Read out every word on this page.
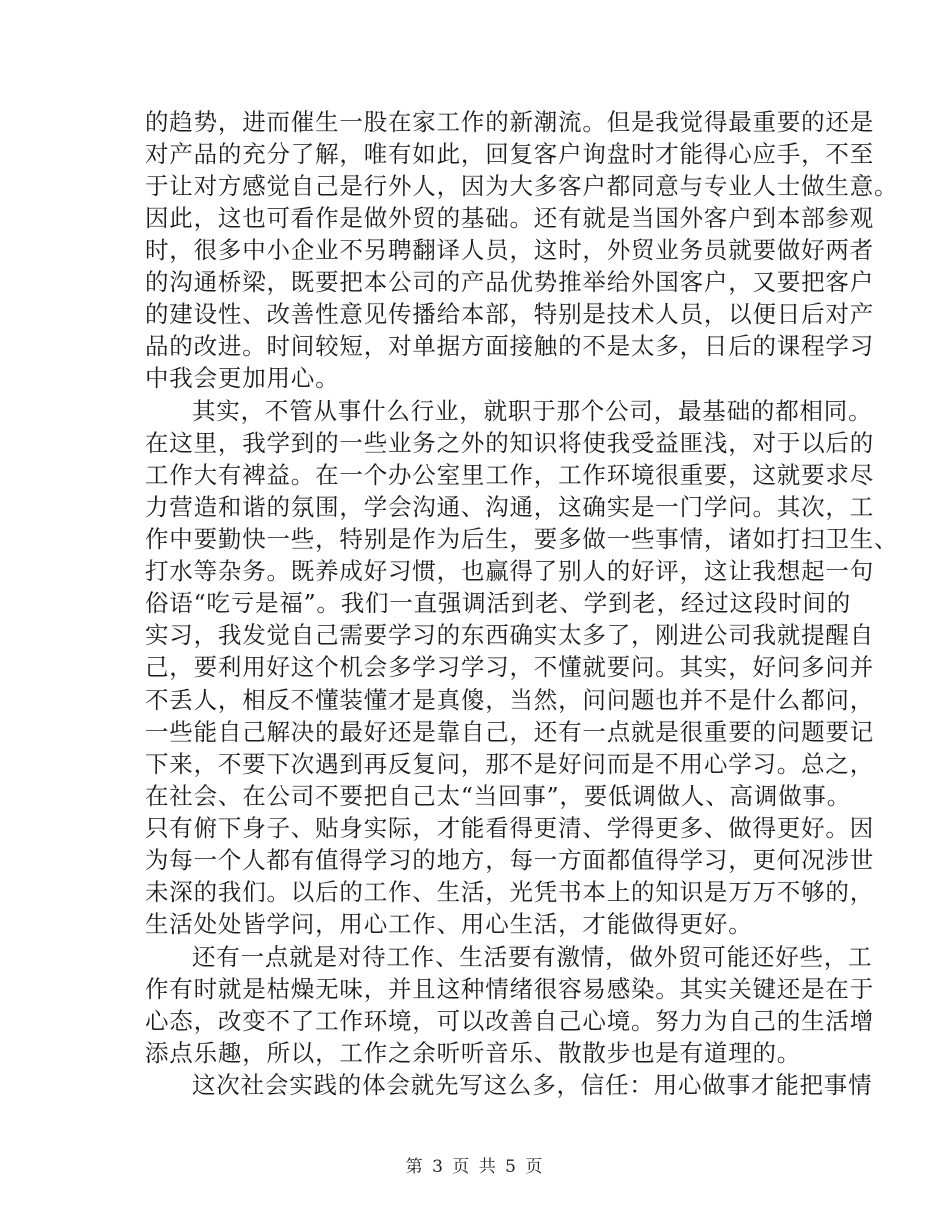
的趋势，进而催生一股在家工作的新潮流。但是我觉得最重要的还是
对产品的充分了解，唯有如此，回复客户询盘时才能得心应手，不至
于让对方感觉自己是行外人，因为大多客户都同意与专业人士做生意。
因此，这也可看作是做外贸的基础。还有就是当国外客户到本部参观
时，很多中小企业不另聘翻译人员，这时，外贸业务员就要做好两者
的沟通桥梁，既要把本公司的产品优势推举给外国客户，又要把客户
的建设性、改善性意见传播给本部，特别是技术人员，以便日后对产
品的改进。时间较短，对单据方面接触的不是太多，日后的课程学习
中我会更加用心。
其实，不管从事什么行业，就职于那个公司，最基础的都相同。
在这里，我学到的一些业务之外的知识将使我受益匪浅，对于以后的
工作大有裨益。在一个办公室里工作，工作环境很重要，这就要求尽
力营造和谐的氛围，学会沟通、沟通，这确实是一门学问。其次，工
作中要勤快一些，特别是作为后生，要多做一些事情，诸如打扫卫生、
打水等杂务。既养成好习惯，也赢得了别人的好评，这让我想起一句
俗语“吃亏是福”。我们一直强调活到老、学到老，经过这段时间的
实习，我发觉自己需要学习的东西确实太多了，刚进公司我就提醒自
己，要利用好这个机会多学习学习，不懂就要问。其实，好问多问并
不丢人，相反不懂装懂才是真傻，当然，问问题也并不是什么都问，
一些能自己解决的最好还是靠自己，还有一点就是很重要的问题要记
下来，不要下次遇到再反复问，那不是好问而是不用心学习。总之，
在社会、在公司不要把自己太“当回事”，要低调做人、高调做事。
只有俯下身子、贴身实际，才能看得更清、学得更多、做得更好。因
为每一个人都有值得学习的地方，每一方面都值得学习，更何况涉世
未深的我们。以后的工作、生活，光凭书本上的知识是万万不够的，
生活处处皆学问，用心工作、用心生活，才能做得更好。
还有一点就是对待工作、生活要有激情，做外贸可能还好些，工
作有时就是枯燥无味，并且这种情绪很容易感染。其实关键还是在于
心态，改变不了工作环境，可以改善自己心境。努力为自己的生活增
添点乐趣，所以，工作之余听听音乐、散散步也是有道理的。
这次社会实践的体会就先写这么多，信任：用心做事才能把事情
第 3 页 共 5 页
